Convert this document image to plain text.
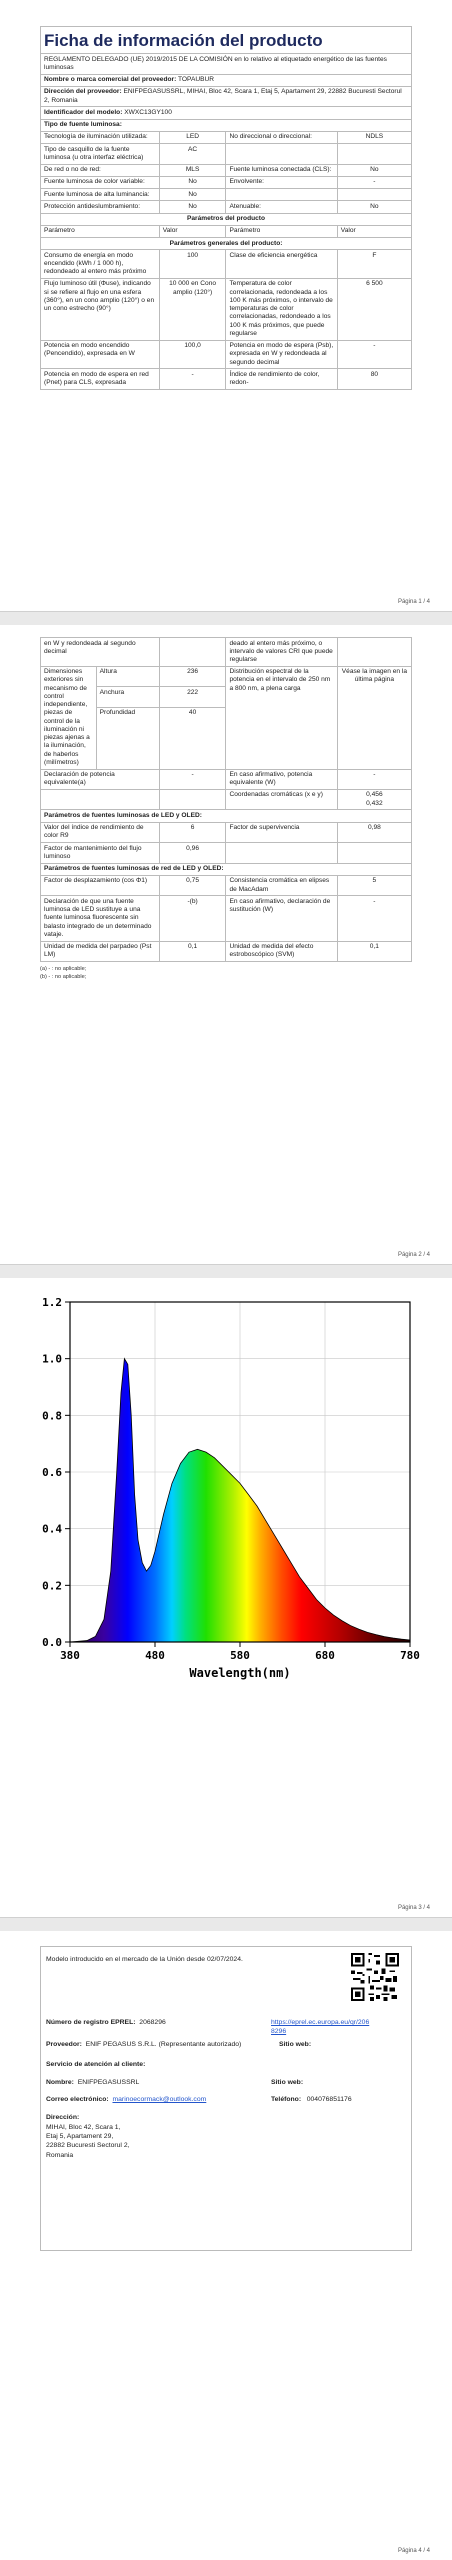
Ficha de información del producto			
REGLAMENTO DELEGADO (UE) 2019/2015 DE LA COMISIÓN en lo relativo al etiquetado energético de las fuentes luminosas			
Nombre o marca comercial del proveedor: TOPAUBUR			
Dirección del proveedor: ENIFPEGASUSSRL, MIHAI, Bloc 42, Scara 1, Etaj 5, Apartament 29, 22882 Bucuresti Sectorul 2, Romania			
Identificador del modelo: XWXC13GY100			
Tipo de fuente luminosa:			
Tecnología de iluminación utilizada:	LED	No direccional o direccional:	NDLS
Tipo de casquillo de la fuente luminosa (u otra interfaz eléctrica)	AC		
De red o no de red:	MLS	Fuente luminosa conectada (CLS):	No
Fuente luminosa de color variable:	No	Envolvente:	-
Fuente luminosa de alta luminancia:	No		
Protección antideslumbramiento:	No	Atenuable:	No
Parámetros del producto			
Parámetro	Valor	Parámetro	Valor
Parámetros generales del producto:			
Consumo de energía en modo encendido (kWh / 1 000 h), redondeado al entero más próximo	100	Clase de eficiencia energética	F
Flujo luminoso útil (Φuse), indicando si se refiere al flujo en una esfera (360°), en un cono amplio (120°) o en un cono estrecho (90°)	10 000 en Cono amplio (120°)	Temperatura de color correlacionada, redondeada a los 100 K más próximos, o intervalo de temperaturas de color correlacionadas, redondeado a los 100 K más próximos, que puede regularse	6 500
Potencia en modo encendido (Pencendido), expresada en W	100,0	Potencia en modo de espera (Psb), expresada en W y redondeada al segundo decimal	-
Potencia en modo de espera en red (Pnet) para CLS, expresada	-	Índice de rendimiento de color, redon-	80
Página 1 / 4
en W y redondeada al segundo decimal			deado al entero más próximo, o intervalo de valores CRI que puede regularse	
Dimensiones exteriores sin mecanismo de control independiente, piezas de control de la iluminación ni piezas ajenas a la iluminación, de haberlos (milímetros)	Altura	236	Distribución espectral de la potencia en el intervalo de 250 nm a 800 nm, a plena carga	Véase la imagen en la última página
	Anchura	222		
	Profundidad	40		
Declaración de potencia equivalente(a)		-	En caso afirmativo, potencia equivalente (W)	-
			Coordenadas cromáticas (x e y)	0,456
0,432
Parámetros de fuentes luminosas de LED y OLED:				
Valor del índice de rendimiento de color R9		6	Factor de supervivencia	0,98
Factor de mantenimiento del flujo luminoso		0,96		
Parámetros de fuentes luminosas de red de LED y OLED:				
Factor de desplazamiento (cos Φ1)		0,75	Consistencia cromática en elipses de MacAdam	5
Declaración de que una fuente luminosa de LED sustituye a una fuente luminosa fluorescente sin balasto integrado de un determinado vataje.		-(b)	En caso afirmativo, declaración de sustitución (W)	-
Unidad de medida del parpadeo (Pst LM)		0,1	Unidad de medida del efecto estroboscópico (SVM)	0,1
(a) - : no aplicable;
(b) - : no aplicable;
Página 2 / 4
0.0
0.2
0.4
0.6
0.8
1.0
1.2
380	480	580	680	780
Wavelength(nm)
Página 3 / 4
Modelo introducido en el mercado de la Unión desde 02/07/2024.
Número de registro EPREL: 2068296	https://eprel.ec.europa.eu/qr/2068296
Proveedor: ENIF PEGASUS S.R.L. (Representante autorizado)	Sitio web:
Servicio de atención al cliente:
Nombre: ENIFPEGASUSSRL	Sitio web:
Correo electrónico: marinoecormack@outlook.com	Teléfono: 004076851176
Dirección:
MIHAI, Bloc 42, Scara 1,
Etaj 5, Apartament 29,
22882 Bucuresti Sectorul 2,
Romania
Página 4 / 4
